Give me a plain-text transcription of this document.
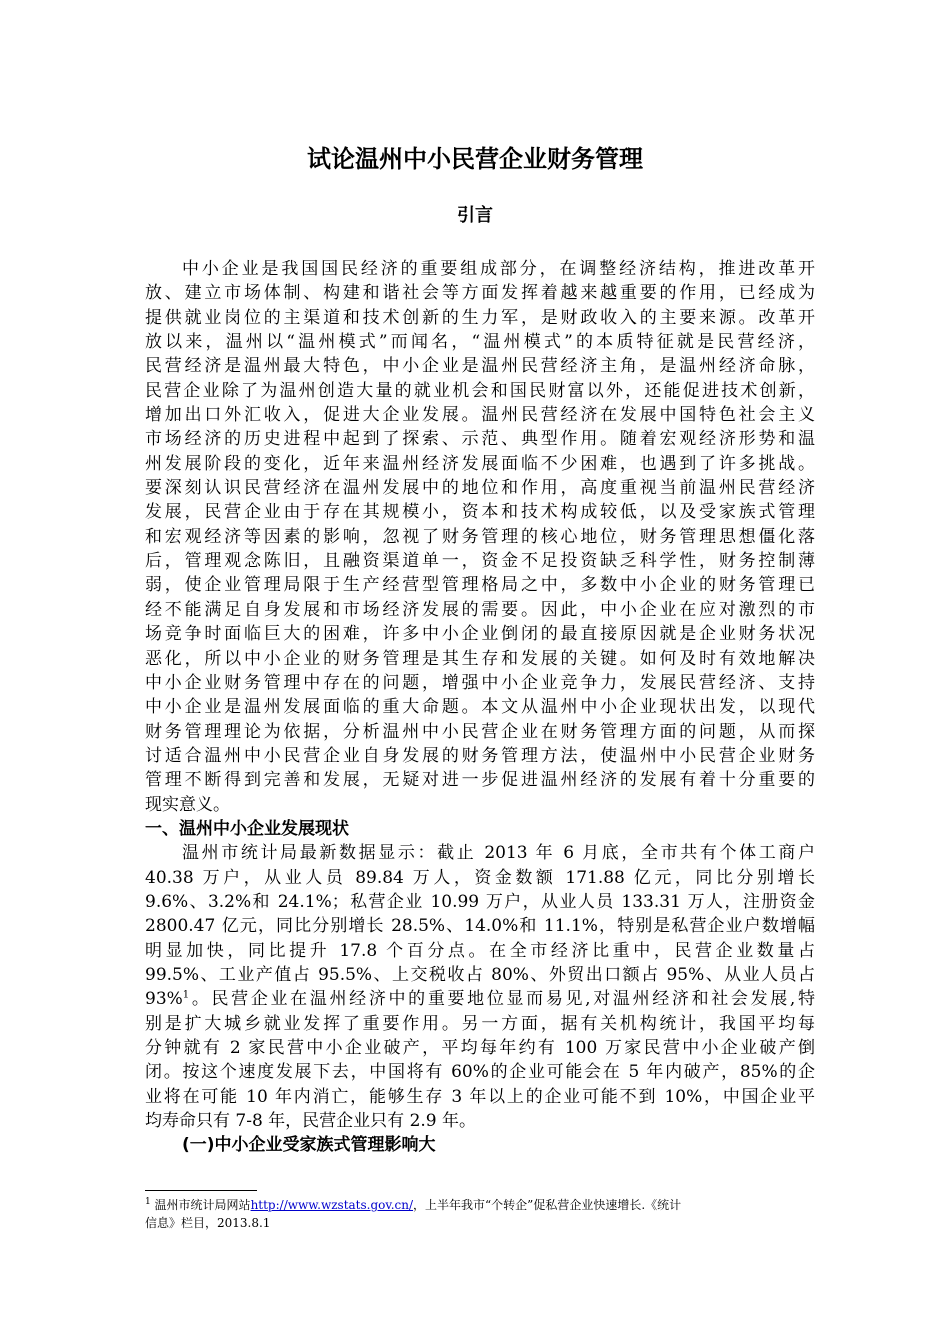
试论温州中小民营企业财务管理
引言
中小企业是我国国民经济的重要组成部分，在调整经济结构，推进改革开
放、建立市场体制、构建和谐社会等方面发挥着越来越重要的作用，已经成为
提供就业岗位的主渠道和技术创新的生力军，是财政收入的主要来源。改革开
放以来，温州以“温州模式”而闻名，“温州模式”的本质特征就是民营经济，
民营经济是温州最大特色，中小企业是温州民营经济主角，是温州经济命脉，
民营企业除了为温州创造大量的就业机会和国民财富以外，还能促进技术创新，
增加出口外汇收入，促进大企业发展。温州民营经济在发展中国特色社会主义
市场经济的历史进程中起到了探索、示范、典型作用。随着宏观经济形势和温
州发展阶段的变化，近年来温州经济发展面临不少困难，也遇到了许多挑战。
要深刻认识民营经济在温州发展中的地位和作用，高度重视当前温州民营经济
发展，民营企业由于存在其规模小，资本和技术构成较低，以及受家族式管理
和宏观经济等因素的影响，忽视了财务管理的核心地位，财务管理思想僵化落
后，管理观念陈旧，且融资渠道单一，资金不足投资缺乏科学性，财务控制薄
弱，使企业管理局限于生产经营型管理格局之中，多数中小企业的财务管理已
经不能满足自身发展和市场经济发展的需要。因此，中小企业在应对激烈的市
场竞争时面临巨大的困难，许多中小企业倒闭的最直接原因就是企业财务状况
恶化，所以中小企业的财务管理是其生存和发展的关键。如何及时有效地解决
中小企业财务管理中存在的问题，增强中小企业竞争力，发展民营经济、支持
中小企业是温州发展面临的重大命题。本文从温州中小企业现状出发，以现代
财务管理理论为依据，分析温州中小民营企业在财务管理方面的问题，从而探
讨适合温州中小民营企业自身发展的财务管理方法，使温州中小民营企业财务
管理不断得到完善和发展，无疑对进一步促进温州经济的发展有着十分重要的
现实意义。
一、温州中小企业发展现状
温州市统计局最新数据显示：截止 2013 年 6 月底，全市共有个体工商户
40.38 万户，从业人员 89.84 万人，资金数额 171.88 亿元，同比分别增长
9.6%、3.2%和 24.1%；私营企业 10.99 万户，从业人员 133.31 万人，注册资金
2800.47 亿元，同比分别增长 28.5%、14.0%和 11.1%，特别是私营企业户数增幅
明显加快，同比提升 17.8 个百分点。在全市经济比重中，民营企业数量占
99.5%、工业产值占 95.5%、上交税收占 80%、外贸出口额占 95%、从业人员占
93%$^1$。民营企业在温州经济中的重要地位显而易见,对温州经济和社会发展,特
别是扩大城乡就业发挥了重要作用。另一方面，据有关机构统计，我国平均每
分钟就有 2 家民营中小企业破产，平均每年约有 100 万家民营中小企业破产倒
闭。按这个速度发展下去，中国将有 60%的企业可能会在 5 年内破产，85%的企
业将在可能 10 年内消亡，能够生存 3 年以上的企业可能不到 10%，中国企业平
均寿命只有 7-8 年，民营企业只有 2.9 年。
(一)中小企业受家族式管理影响大
$^1$ 温州市统计局网站http://www.wzstats.gov.cn/，上半年我市“个转企”促私营企业快速增长.《统计
信息》栏目，2013.8.1
